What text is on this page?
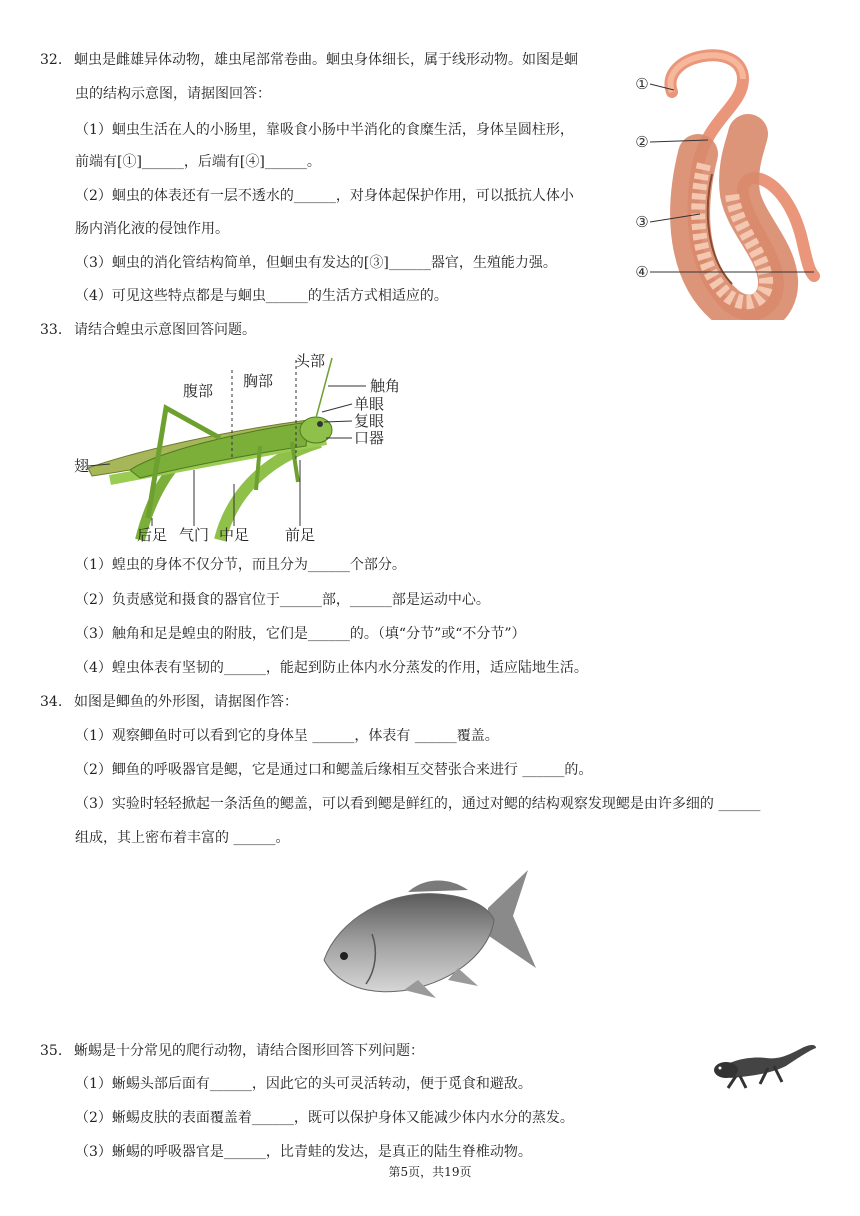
32. 蛔虫是雌雄异体动物，雄虫尾部常卷曲。蛔虫身体细长，属于线形动物。如图是蛔
虫的结构示意图，请据图回答：
（1）蛔虫生活在人的小肠里，靠吸食小肠中半消化的食糜生活，身体呈圆柱形，
前端有[①]______，后端有[④]______。
（2）蛔虫的体表还有一层不透水的______，对身体起保护作用，可以抵抗人体小
肠内消化液的侵蚀作用。
（3）蛔虫的消化管结构简单，但蛔虫有发达的[③]______器官，生殖能力强。
（4）可见这些特点都是与蛔虫______的生活方式相适应的。
①
②
③
④
33. 请结合蝗虫示意图回答问题。
腹部
胸部
头部
触角
单眼
复眼
口器
翅
后足 气门 中足 前足
（1）蝗虫的身体不仅分节，而且分为______个部分。
（2）负责感觉和摄食的器官位于______部，______部是运动中心。
（3）触角和足是蝗虫的附肢，它们是______的。（填“分节”或“不分节”）
（4）蝗虫体表有坚韧的______，能起到防止体内水分蒸发的作用，适应陆地生活。
34. 如图是鲫鱼的外形图，请据图作答：
（1）观察鲫鱼时可以看到它的身体呈 ______，体表有 ______覆盖。
（2）鲫鱼的呼吸器官是鳃，它是通过口和鳃盖后缘相互交替张合来进行 ______的。
（3）实验时轻轻掀起一条活鱼的鳃盖，可以看到鳃是鲜红的，通过对鳃的结构观察发现鳃是由许多细的 ______
组成，其上密布着丰富的 ______。
35. 蜥蜴是十分常见的爬行动物，请结合图形回答下列问题：
（1）蜥蜴头部后面有______，因此它的头可灵活转动，便于觅食和避敌。
（2）蜥蜴皮肤的表面覆盖着______，既可以保护身体又能减少体内水分的蒸发。
（3）蜥蜴的呼吸器官是______，比青蛙的发达，是真正的陆生脊椎动物。
第5页，共19页
